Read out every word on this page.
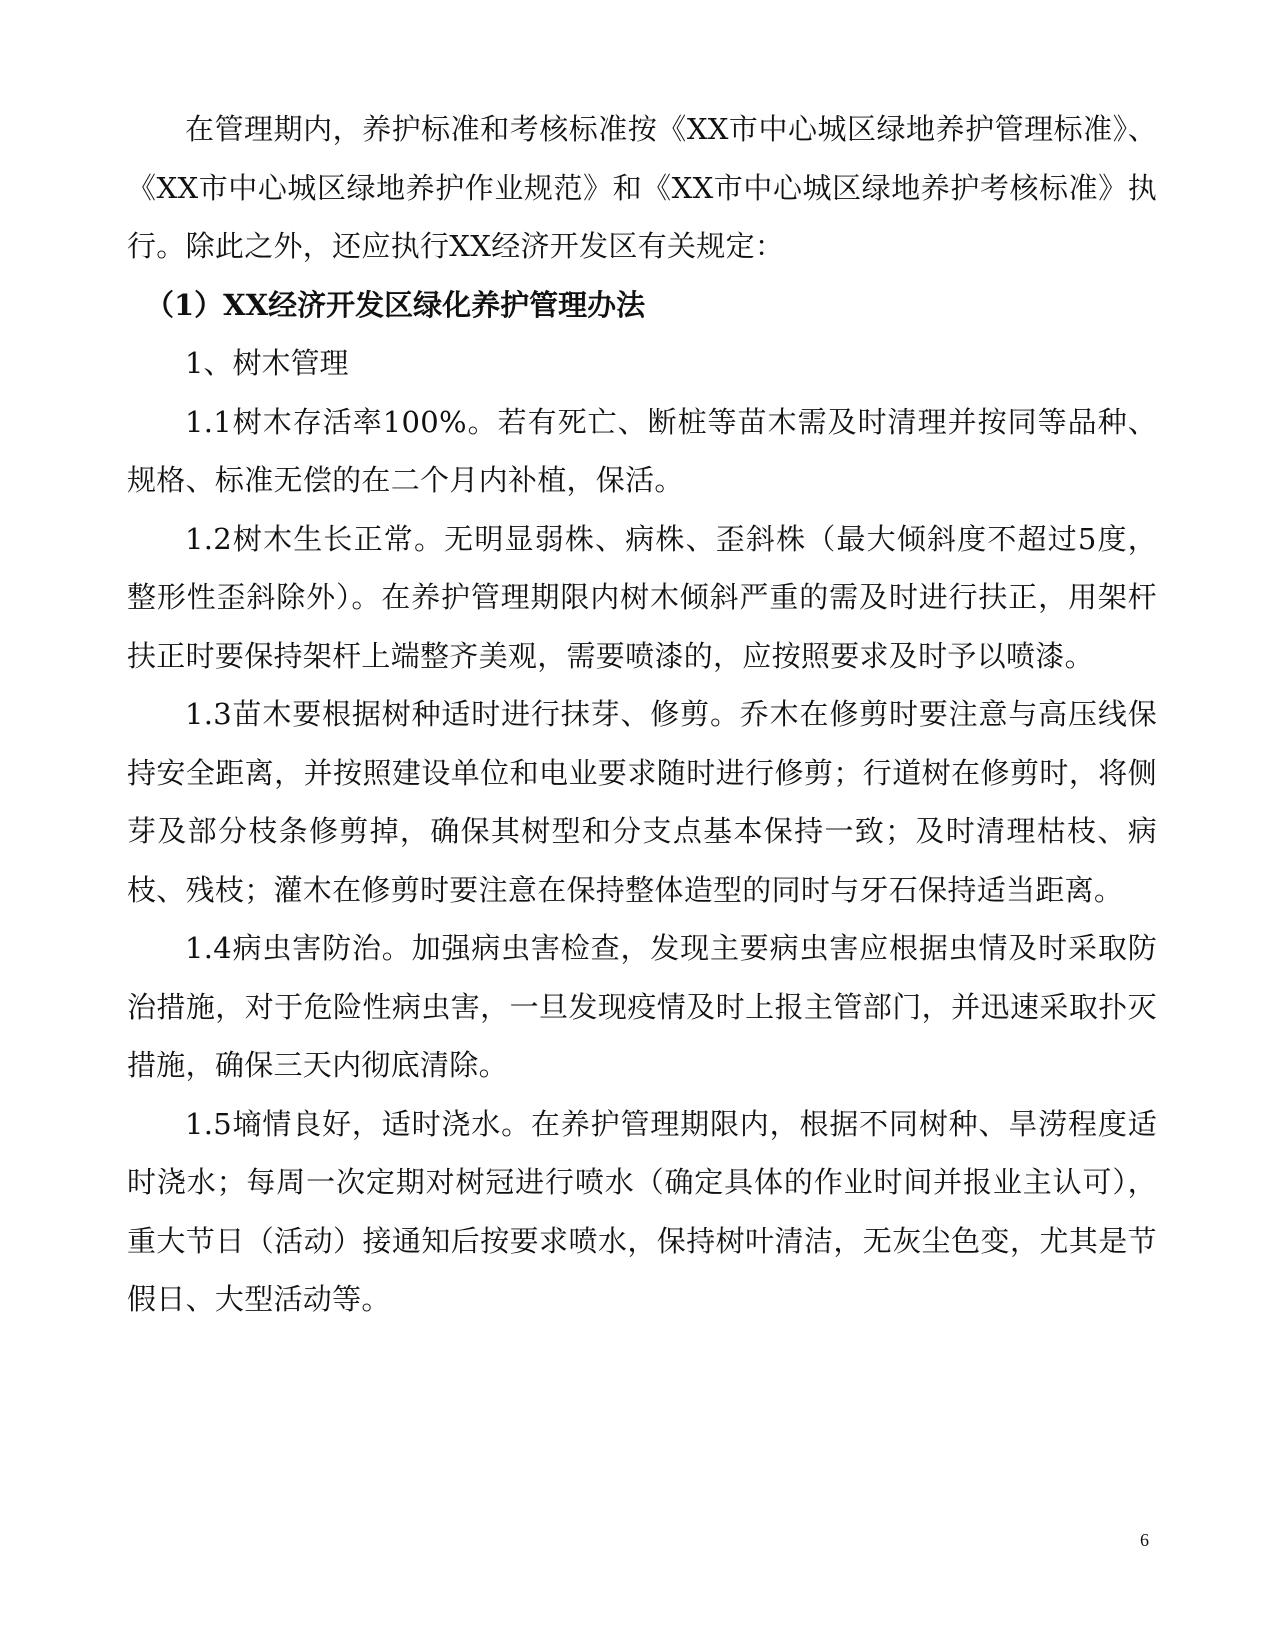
在管理期内，养护标准和考核标准按《XX市中心城区绿地养护管理标准》、《XX市中心城区绿地养护作业规范》和《XX市中心城区绿地养护考核标准》执行。除此之外，还应执行XX经济开发区有关规定：

（1）XX经济开发区绿化养护管理办法

1、树木管理

1.1树木存活率100%。若有死亡、断桩等苗木需及时清理并按同等品种、规格、标准无偿的在二个月内补植，保活。

1.2树木生长正常。无明显弱株、病株、歪斜株（最大倾斜度不超过5度，整形性歪斜除外）。在养护管理期限内树木倾斜严重的需及时进行扶正，用架杆扶正时要保持架杆上端整齐美观，需要喷漆的，应按照要求及时予以喷漆。

1.3苗木要根据树种适时进行抹芽、修剪。乔木在修剪时要注意与高压线保持安全距离，并按照建设单位和电业要求随时进行修剪；行道树在修剪时，将侧芽及部分枝条修剪掉，确保其树型和分支点基本保持一致；及时清理枯枝、病枝、残枝；灌木在修剪时要注意在保持整体造型的同时与牙石保持适当距离。

1.4病虫害防治。加强病虫害检查，发现主要病虫害应根据虫情及时采取防治措施，对于危险性病虫害，一旦发现疫情及时上报主管部门，并迅速采取扑灭措施，确保三天内彻底清除。

1.5墒情良好，适时浇水。在养护管理期限内，根据不同树种、旱涝程度适时浇水；每周一次定期对树冠进行喷水（确定具体的作业时间并报业主认可），重大节日（活动）接通知后按要求喷水，保持树叶清洁，无灰尘色变，尤其是节假日、大型活动等。

6
